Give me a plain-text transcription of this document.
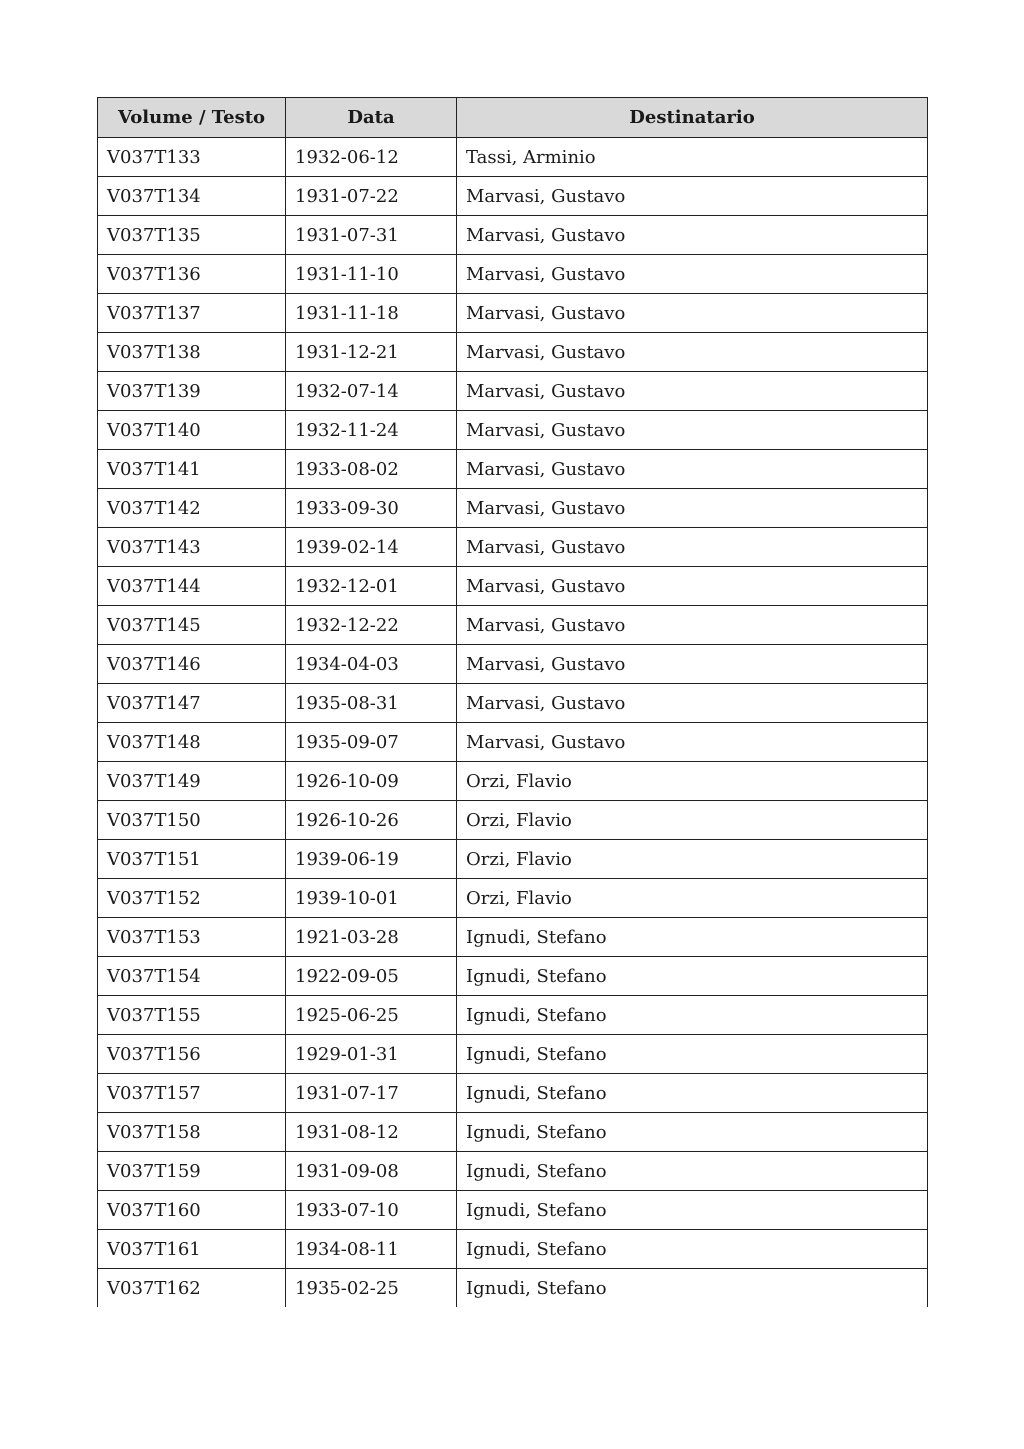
Volume / Testo	Data	Destinatario
V037T133	1932-06-12	Tassi, Arminio
V037T134	1931-07-22	Marvasi, Gustavo
V037T135	1931-07-31	Marvasi, Gustavo
V037T136	1931-11-10	Marvasi, Gustavo
V037T137	1931-11-18	Marvasi, Gustavo
V037T138	1931-12-21	Marvasi, Gustavo
V037T139	1932-07-14	Marvasi, Gustavo
V037T140	1932-11-24	Marvasi, Gustavo
V037T141	1933-08-02	Marvasi, Gustavo
V037T142	1933-09-30	Marvasi, Gustavo
V037T143	1939-02-14	Marvasi, Gustavo
V037T144	1932-12-01	Marvasi, Gustavo
V037T145	1932-12-22	Marvasi, Gustavo
V037T146	1934-04-03	Marvasi, Gustavo
V037T147	1935-08-31	Marvasi, Gustavo
V037T148	1935-09-07	Marvasi, Gustavo
V037T149	1926-10-09	Orzi, Flavio
V037T150	1926-10-26	Orzi, Flavio
V037T151	1939-06-19	Orzi, Flavio
V037T152	1939-10-01	Orzi, Flavio
V037T153	1921-03-28	Ignudi, Stefano
V037T154	1922-09-05	Ignudi, Stefano
V037T155	1925-06-25	Ignudi, Stefano
V037T156	1929-01-31	Ignudi, Stefano
V037T157	1931-07-17	Ignudi, Stefano
V037T158	1931-08-12	Ignudi, Stefano
V037T159	1931-09-08	Ignudi, Stefano
V037T160	1933-07-10	Ignudi, Stefano
V037T161	1934-08-11	Ignudi, Stefano
V037T162	1935-02-25	Ignudi, Stefano
